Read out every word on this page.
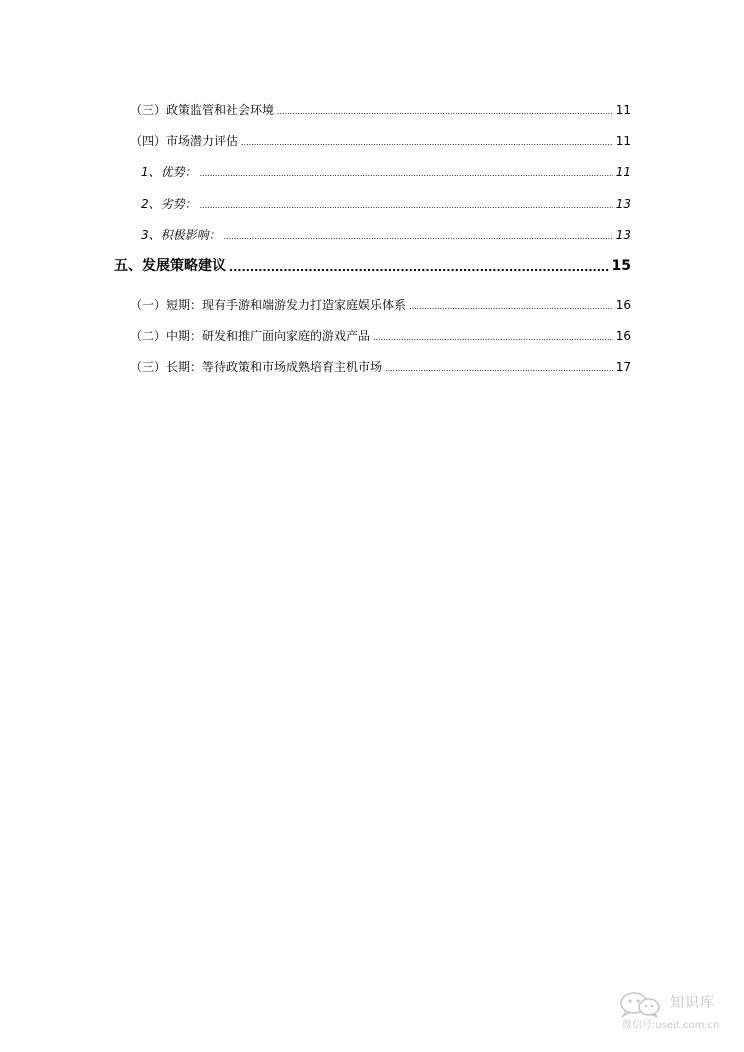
（三）政策监管和社会环境 .....	11
（四）市场潜力评估 .....	11
1、优势： .....	11
2、劣势： .....	13
3、积极影响： .....	13
五、发展策略建议 .....	15
（一）短期：现有手游和端游发力打造家庭娱乐体系 .....	16
（二）中期：研发和推广面向家庭的游戏产品 .....	16
（三）长期：等待政策和市场成熟培育主机市场 .....	17
知识库
微信号:useit.com.cn
